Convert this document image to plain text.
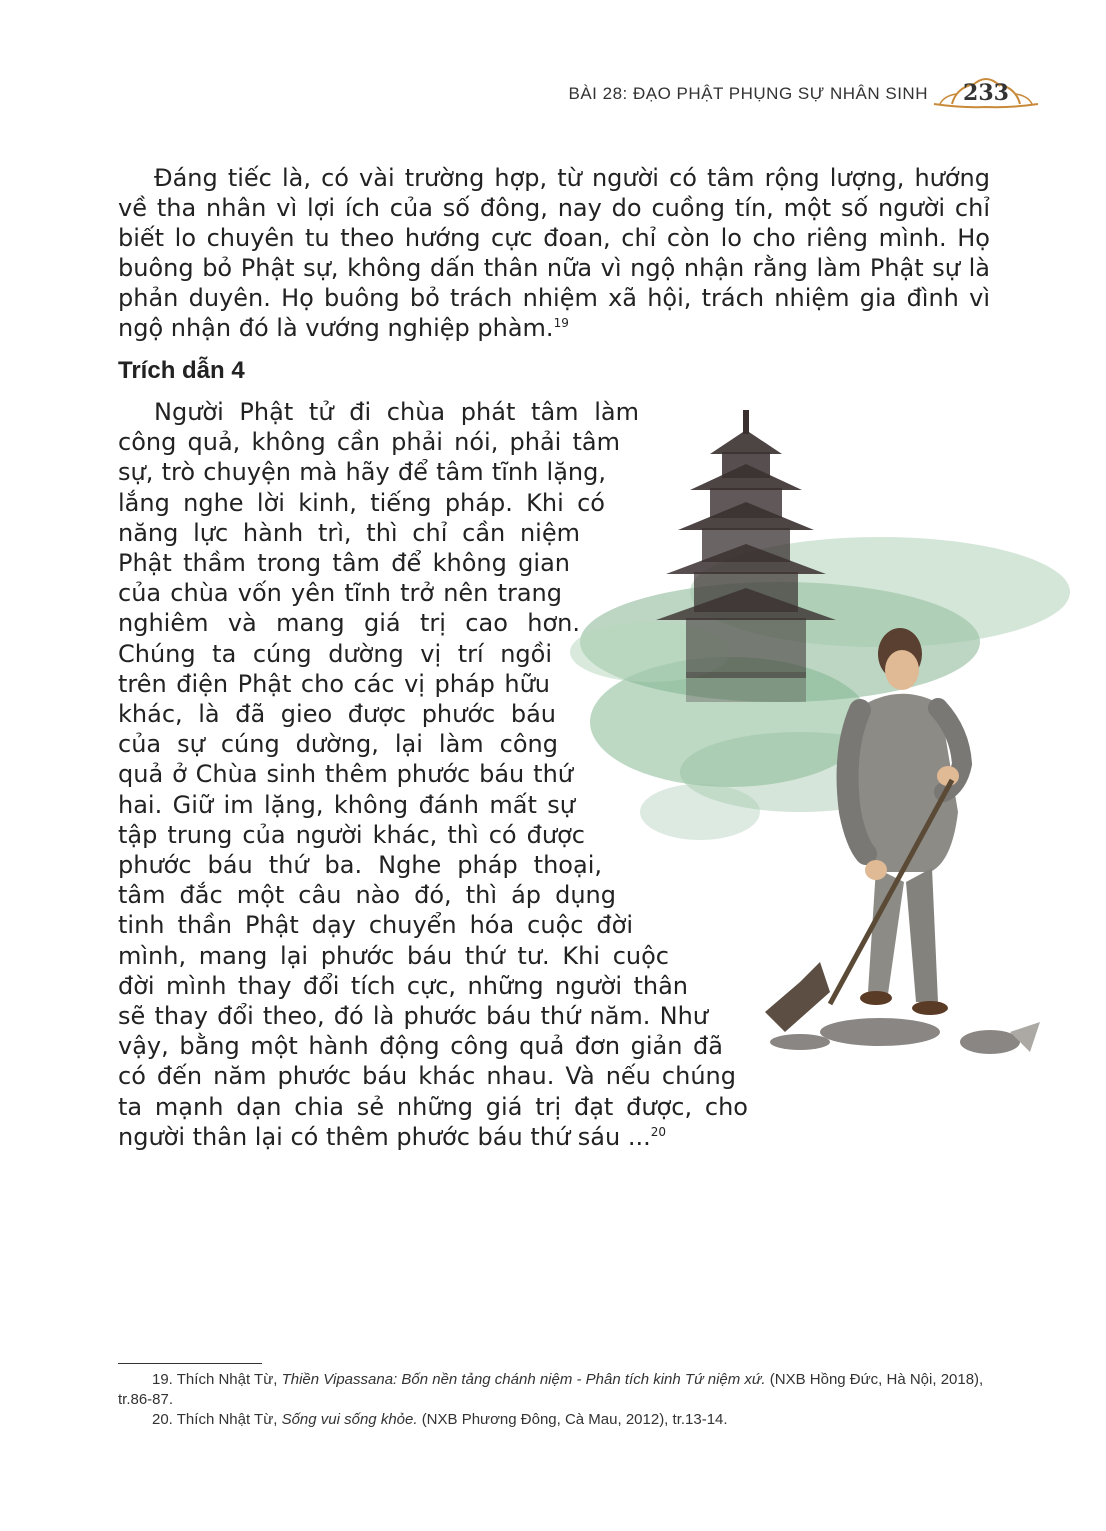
BÀI 28: ĐẠO PHẬT PHỤNG SỰ NHÂN SINH	233

Đáng tiếc là, có vài trường hợp, từ người có tâm rộng lượng, hướng về tha nhân vì lợi ích của số đông, nay do cuồng tín, một số người chỉ biết lo chuyên tu theo hướng cực đoan, chỉ còn lo cho riêng mình. Họ buông bỏ Phật sự, không dấn thân nữa vì ngộ nhận rằng làm Phật sự là phản duyên. Họ buông bỏ trách nhiệm xã hội, trách nhiệm gia đình vì ngộ nhận đó là vướng nghiệp phàm.$^{19}$

Trích dẫn 4
Người Phật tử đi chùa phát tâm làm
công quả, không cần phải nói, phải tâm
sự, trò chuyện mà hãy để tâm tĩnh lặng,
lắng nghe lời kinh, tiếng pháp. Khi có
năng lực hành trì, thì chỉ cần niệm
Phật thầm trong tâm để không gian
của chùa vốn yên tĩnh trở nên trang
nghiêm và mang giá trị cao hơn.
Chúng ta cúng dường vị trí ngồi
trên điện Phật cho các vị pháp hữu
khác, là đã gieo được phước báu
của sự cúng dường, lại làm công
quả ở Chùa sinh thêm phước báu thứ
hai. Giữ im lặng, không đánh mất sự
tập trung của người khác, thì có được
phước báu thứ ba. Nghe pháp thoại,
tâm đắc một câu nào đó, thì áp dụng
tinh thần Phật dạy chuyển hóa cuộc đời
mình, mang lại phước báu thứ tư. Khi cuộc
đời mình thay đổi tích cực, những người thân
sẽ thay đổi theo, đó là phước báu thứ năm. Như
vậy, bằng một hành động công quả đơn giản đã
có đến năm phước báu khác nhau. Và nếu chúng
ta mạnh dạn chia sẻ những giá trị đạt được, cho
người thân lại có thêm phước báu thứ sáu ...$^{20}$

19. Thích Nhật Từ, Thiền Vipassana: Bốn nền tảng chánh niệm - Phân tích kinh Tứ niệm xứ. (NXB Hồng Đức, Hà Nội, 2018), tr.86-87.

20. Thích Nhật Từ, Sống vui sống khỏe. (NXB Phương Đông, Cà Mau, 2012), tr.13-14.
